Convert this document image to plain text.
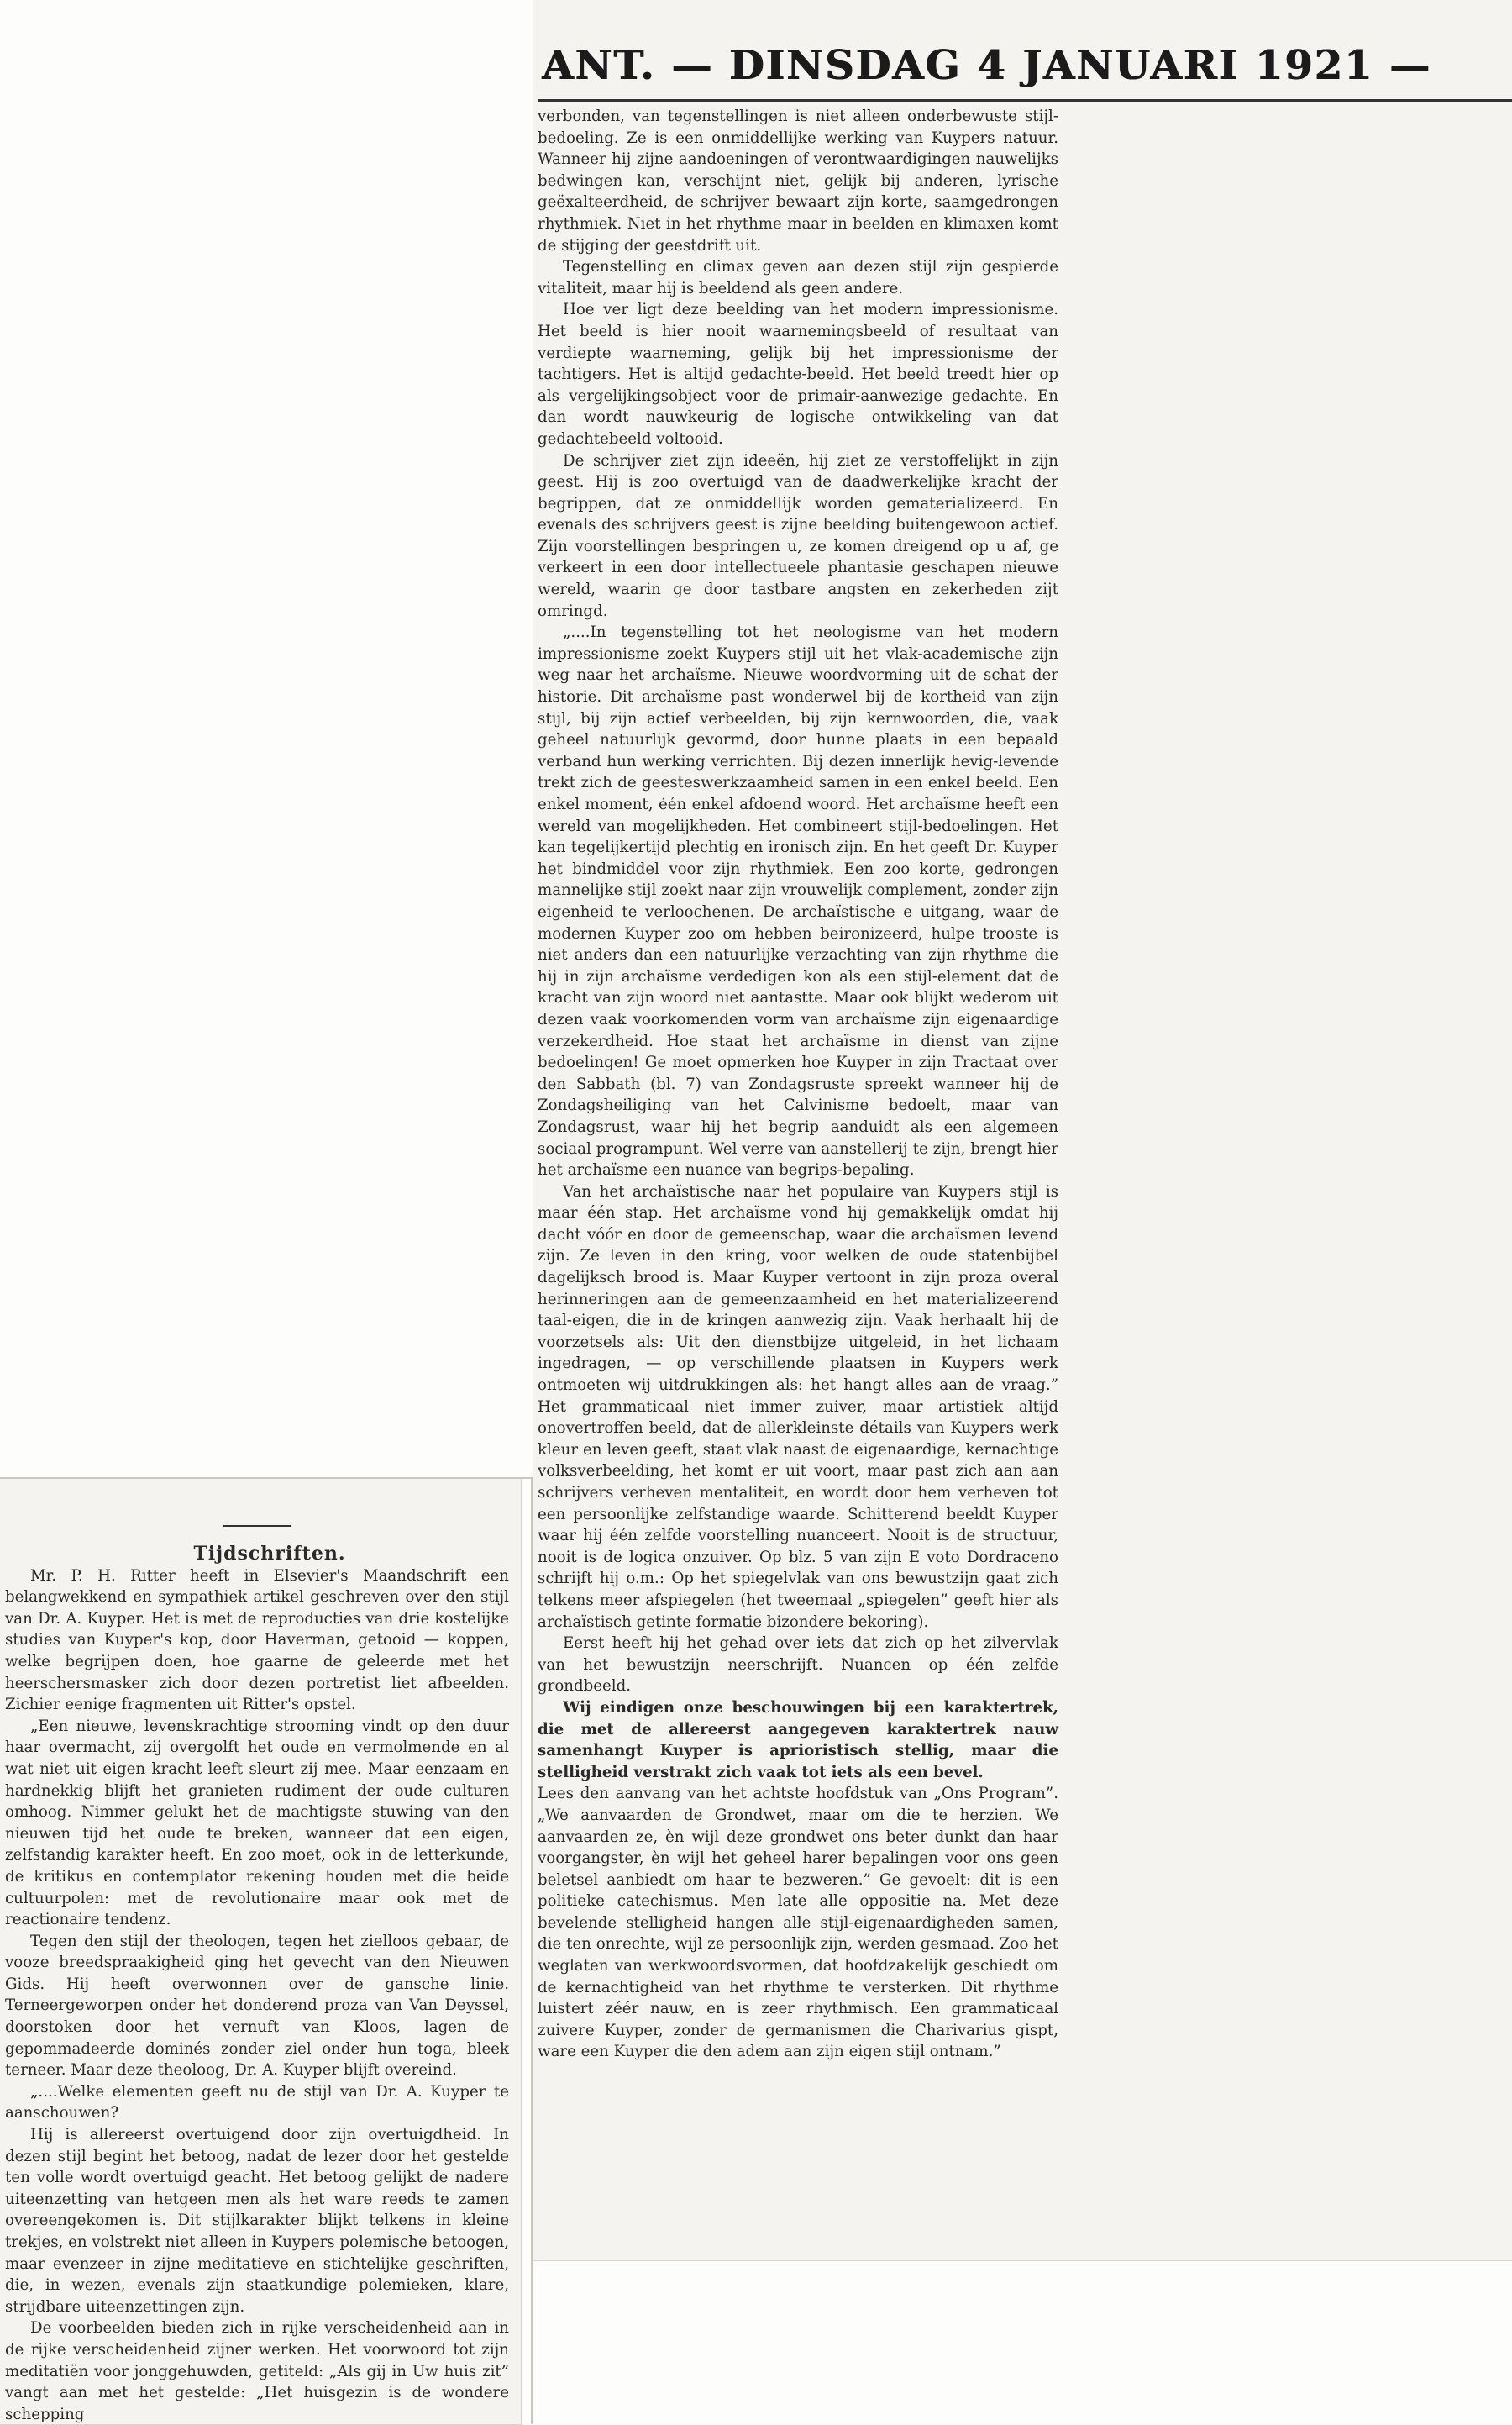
ANT. — DINSDAG 4 JANUARI 1921 —

verbonden, van tegenstellingen is niet alleen onderbewuste stijl-bedoeling. Ze is een onmiddellijke werking van Kuypers natuur. Wanneer hij zijne aandoeningen of verontwaardigingen nauwelijks bedwingen kan, verschijnt niet, gelijk bij anderen, lyrische geëxalteerdheid, de schrijver bewaart zijn korte, saamgedrongen rhythmiek. Niet in het rhythme maar in beelden en klimaxen komt de stijging der geestdrift uit.

Tegenstelling en climax geven aan dezen stijl zijn gespierde vitaliteit, maar hij is beeldend als geen andere.

Hoe ver ligt deze beelding van het modern impressionisme. Het beeld is hier nooit waarnemingsbeeld of resultaat van verdiepte waarneming, gelijk bij het impressionisme der tachtigers. Het is altijd gedachte-beeld. Het beeld treedt hier op als vergelijkingsobject voor de primair-aanwezige gedachte. En dan wordt nauwkeurig de logische ontwikkeling van dat gedachtebeeld voltooid.

De schrijver ziet zijn ideeën, hij ziet ze verstoffelijkt in zijn geest. Hij is zoo overtuigd van de daadwerkelijke kracht der begrippen, dat ze onmiddellijk worden gematerializeerd. En evenals des schrijvers geest is zijne beelding buitengewoon actief. Zijn voorstellingen bespringen u, ze komen dreigend op u af, ge verkeert in een door intellectueele phantasie geschapen nieuwe wereld, waarin ge door tastbare angsten en zekerheden zijt omringd.

„....In tegenstelling tot het neologisme van het modern impressionisme zoekt Kuypers stijl uit het vlak-academische zijn weg naar het archaïsme. Nieuwe woordvorming uit de schat der historie. Dit archaïsme past wonderwel bij de kortheid van zijn stijl, bij zijn actief verbeelden, bij zijn kernwoorden, die, vaak geheel natuurlijk gevormd, door hunne plaats in een bepaald verband hun werking verrichten. Bij dezen innerlijk hevig-levende trekt zich de geesteswerkzaamheid samen in een enkel beeld. Een enkel moment, één enkel afdoend woord. Het archaïsme heeft een wereld van mogelijkheden. Het combineert stijl-bedoelingen. Het kan tegelijkertijd plechtig en ironisch zijn. En het geeft Dr. Kuyper het bindmiddel voor zijn rhythmiek. Een zoo korte, gedrongen mannelijke stijl zoekt naar zijn vrouwelijk complement, zonder zijn eigenheid te verloochenen. De archaïstische e uitgang, waar de modernen Kuyper zoo om hebben beironizeerd, hulpe trooste is niet anders dan een natuurlijke verzachting van zijn rhythme die hij in zijn archaïsme verdedigen kon als een stijl-element dat de kracht van zijn woord niet aantastte. Maar ook blijkt wederom uit dezen vaak voorkomenden vorm van archaïsme zijn eigenaardige verzekerdheid. Hoe staat het archaïsme in dienst van zijne bedoelingen! Ge moet opmerken hoe Kuyper in zijn Tractaat over den Sabbath (bl. 7) van Zondagsruste spreekt wanneer hij de Zondagsheiliging van het Calvinisme bedoelt, maar van Zondagsrust, waar hij het begrip aanduidt als een algemeen sociaal programpunt. Wel verre van aanstellerij te zijn, brengt hier het archaïsme een nuance van begrips-bepaling.

Van het archaïstische naar het populaire van Kuypers stijl is maar één stap. Het archaïsme vond hij gemakkelijk omdat hij dacht vóór en door de gemeenschap, waar die archaïsmen levend zijn. Ze leven in den kring, voor welken de oude statenbijbel dagelijksch brood is. Maar Kuyper vertoont in zijn proza overal herinneringen aan de gemeenzaamheid en het materializeerend taal-eigen, die in de kringen aanwezig zijn. Vaak herhaalt hij de voorzetsels als: Uit den dienstbijze uitgeleid, in het lichaam ingedragen, — op verschillende plaatsen in Kuypers werk ontmoeten wij uitdrukkingen als: het hangt alles aan de vraag.” Het grammaticaal niet immer zuiver, maar artistiek altijd onovertroffen beeld, dat de allerkleinste détails van Kuypers werk kleur en leven geeft, staat vlak naast de eigenaardige, kernachtige volksverbeelding, het komt er uit voort, maar past zich aan aan schrijvers verheven mentaliteit, en wordt door hem verheven tot een persoonlijke zelfstandige waarde. Schitterend beeldt Kuyper waar hij één zelfde voorstelling nuanceert. Nooit is de structuur, nooit is de logica onzuiver. Op blz. 5 van zijn E voto Dordraceno schrijft hij o.m.: Op het spiegelvlak van ons bewustzijn gaat zich telkens meer afspiegelen (het tweemaal „spiegelen” geeft hier als archaïstisch getinte formatie bizondere bekoring).

Eerst heeft hij het gehad over iets dat zich op het zilvervlak van het bewustzijn neerschrijft. Nuancen op één zelfde grondbeeld.

Wij eindigen onze beschouwingen bij een karaktertrek, die met de allereerst aangegeven karaktertrek nauw samenhangt Kuyper is aprioristisch stellig, maar die stelligheid verstrakt zich vaak tot iets als een bevel.

Lees den aanvang van het achtste hoofdstuk van „Ons Program”. „We aanvaarden de Grondwet, maar om die te herzien. We aanvaarden ze, èn wijl deze grondwet ons beter dunkt dan haar voorgangster, èn wijl het geheel harer bepalingen voor ons geen beletsel aanbiedt om haar te bezweren.” Ge gevoelt: dit is een politieke catechismus. Men late alle oppositie na. Met deze bevelende stelligheid hangen alle stijl-eigenaardigheden samen, die ten onrechte, wijl ze persoonlijk zijn, werden gesmaad. Zoo het weglaten van werkwoordsvormen, dat hoofdzakelijk geschiedt om de kernachtigheid van het rhythme te versterken. Dit rhythme luistert zéér nauw, en is zeer rhythmisch. Een grammaticaal zuivere Kuyper, zonder de germanismen die Charivarius gispt, ware een Kuyper die den adem aan zijn eigen stijl ontnam.”

Tijdschriften.

Mr. P. H. Ritter heeft in Elsevier's Maandschrift een belangwekkend en sympathiek artikel geschreven over den stijl van Dr. A. Kuyper. Het is met de reproducties van drie kostelijke studies van Kuyper's kop, door Haverman, getooid — koppen, welke begrijpen doen, hoe gaarne de geleerde met het heerschersmasker zich door dezen portretist liet afbeelden. Zichier eenige fragmenten uit Ritter's opstel.

„Een nieuwe, levenskrachtige strooming vindt op den duur haar overmacht, zij overgolft het oude en vermolmende en al wat niet uit eigen kracht leeft sleurt zij mee. Maar eenzaam en hardnekkig blijft het granieten rudiment der oude culturen omhoog. Nimmer gelukt het de machtigste stuwing van den nieuwen tijd het oude te breken, wanneer dat een eigen, zelfstandig karakter heeft. En zoo moet, ook in de letterkunde, de kritikus en contemplator rekening houden met die beide cultuurpolen: met de revolutionaire maar ook met de reactionaire tendenz.

Tegen den stijl der theologen, tegen het zielloos gebaar, de vooze breedspraakigheid ging het gevecht van den Nieuwen Gids. Hij heeft overwonnen over de gansche linie. Terneergeworpen onder het donderend proza van Van Deyssel, doorstoken door het vernuft van Kloos, lagen de gepommadeerde dominés zonder ziel onder hun toga, bleek terneer. Maar deze theoloog, Dr. A. Kuyper blijft overeind.

„....Welke elementen geeft nu de stijl van Dr. A. Kuyper te aanschouwen?

Hij is allereerst overtuigend door zijn overtuigdheid. In dezen stijl begint het betoog, nadat de lezer door het gestelde ten volle wordt overtuigd geacht. Het betoog gelijkt de nadere uiteenzetting van hetgeen men als het ware reeds te zamen overeengekomen is. Dit stijlkarakter blijkt telkens in kleine trekjes, en volstrekt niet alleen in Kuypers polemische betoogen, maar evenzeer in zijne meditatieve en stichtelijke geschriften, die, in wezen, evenals zijn staatkundige polemieken, klare, strijdbare uiteenzettingen zijn.

De voorbeelden bieden zich in rijke verscheidenheid aan in de rijke verscheidenheid zijner werken. Het voorwoord tot zijn meditatiën voor jonggehuwden, getiteld: „Als gij in Uw huis zit” vangt aan met het gestelde: „Het huisgezin is de wondere schepping
